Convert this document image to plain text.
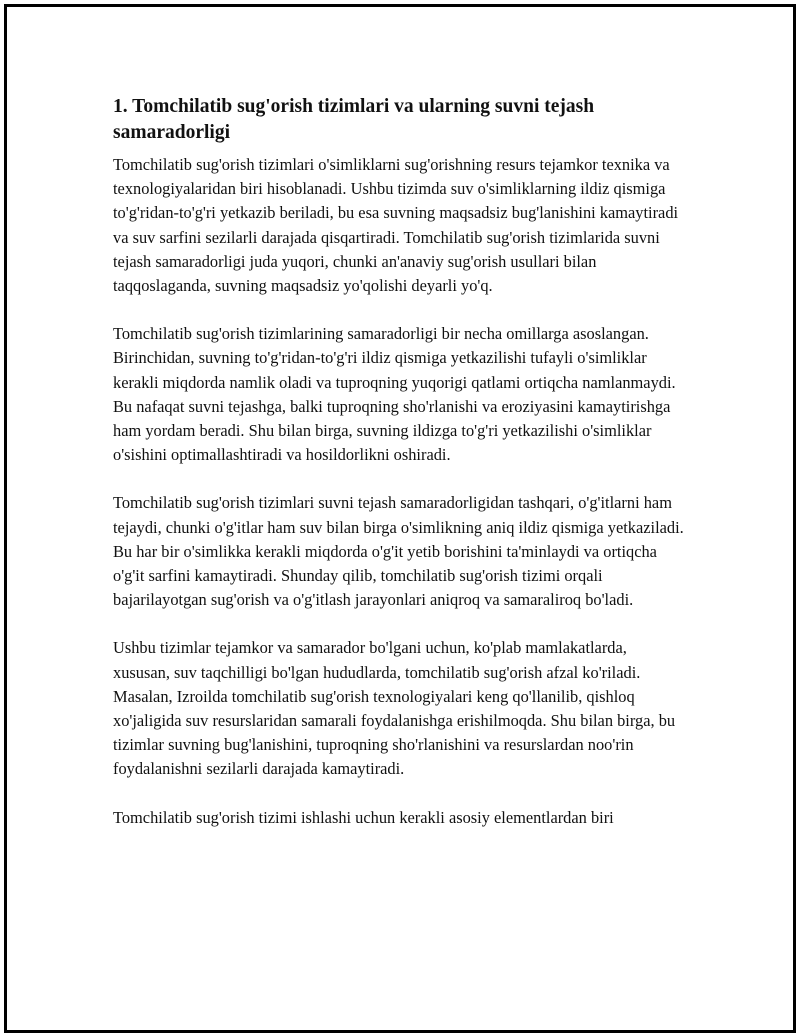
1. Tomchilatib sug'orish tizimlari va ularning suvni tejash samaradorligi

Tomchilatib sug'orish tizimlari o'simliklarni sug'orishning resurs tejamkor texnika va texnologiyalaridan biri hisoblanadi. Ushbu tizimda suv o'simliklarning ildiz qismiga to'g'ridan-to'g'ri yetkazib beriladi, bu esa suvning maqsadsiz bug'lanishini kamaytiradi va suv sarfini sezilarli darajada qisqartiradi. Tomchilatib sug'orish tizimlarida suvni tejash samaradorligi juda yuqori, chunki an'anaviy sug'orish usullari bilan taqqoslaganda, suvning maqsadsiz yo'qolishi deyarli yo'q.

Tomchilatib sug'orish tizimlarining samaradorligi bir necha omillarga asoslangan. Birinchidan, suvning to'g'ridan-to'g'ri ildiz qismiga yetkazilishi tufayli o'simliklar kerakli miqdorda namlik oladi va tuproqning yuqorigi qatlami ortiqcha namlanmaydi. Bu nafaqat suvni tejashga, balki tuproqning sho'rlanishi va eroziyasini kamaytirishga ham yordam beradi. Shu bilan birga, suvning ildizga to'g'ri yetkazilishi o'simliklar o'sishini optimallashtiradi va hosildorlikni oshiradi.

Tomchilatib sug'orish tizimlari suvni tejash samaradorligidan tashqari, o'g'itlarni ham tejaydi, chunki o'g'itlar ham suv bilan birga o'simlikning aniq ildiz qismiga yetkaziladi. Bu har bir o'simlikka kerakli miqdorda o'g'it yetib borishini ta'minlaydi va ortiqcha o'g'it sarfini kamaytiradi. Shunday qilib, tomchilatib sug'orish tizimi orqali bajarilayotgan sug'orish va o'g'itlash jarayonlari aniqroq va samaraliroq bo'ladi.

Ushbu tizimlar tejamkor va samarador bo'lgani uchun, ko'plab mamlakatlarda, xususan, suv taqchilligi bo'lgan hududlarda, tomchilatib sug'orish afzal ko'riladi. Masalan, Izroilda tomchilatib sug'orish texnologiyalari keng qo'llanilib, qishloq xo'jaligida suv resurslaridan samarali foydalanishga erishilmoqda. Shu bilan birga, bu tizimlar suvning bug'lanishini, tuproqning sho'rlanishini va resurslardan noo'rin foydalanishni sezilarli darajada kamaytiradi.

Tomchilatib sug'orish tizimi ishlashi uchun kerakli asosiy elementlardan biri
